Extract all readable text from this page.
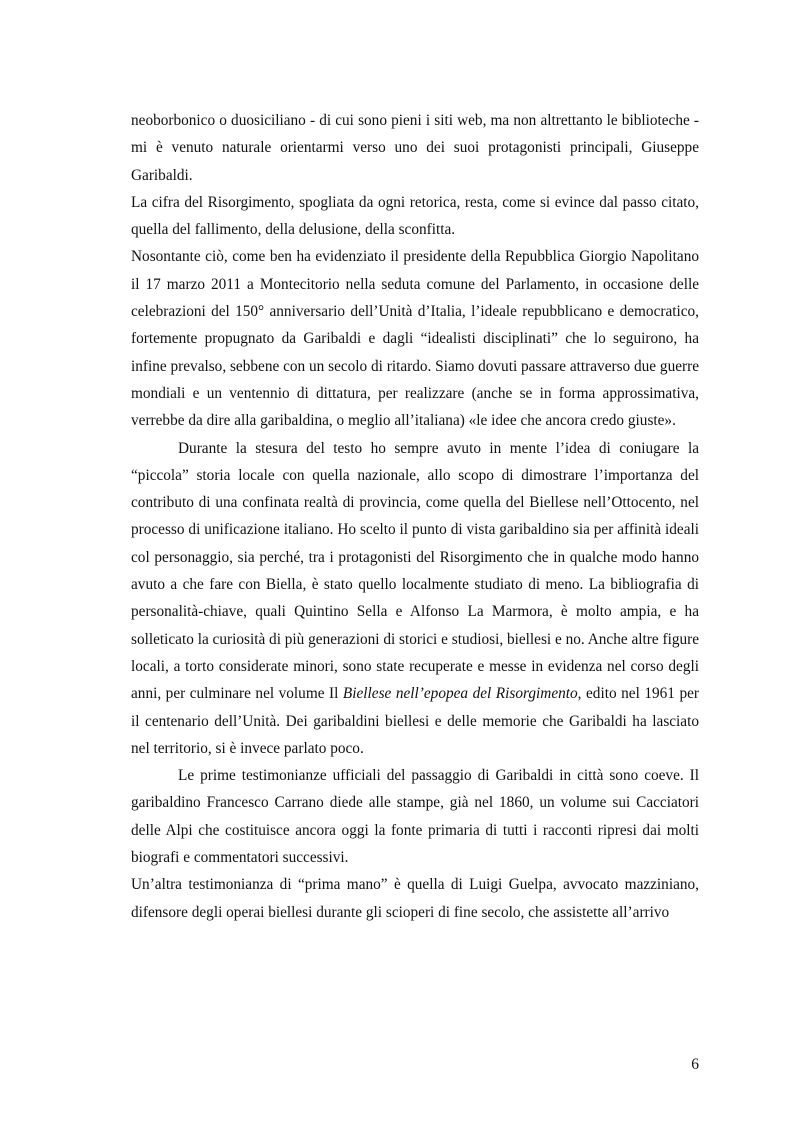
neoborbonico o duosiciliano - di cui sono pieni i siti web, ma non altrettanto le biblioteche - mi è venuto naturale orientarmi verso uno dei suoi protagonisti principali, Giuseppe Garibaldi.

La cifra del Risorgimento, spogliata da ogni retorica, resta, come si evince dal passo citato, quella del fallimento, della delusione, della sconfitta.

Nosontante ciò, come ben ha evidenziato il presidente della Repubblica Giorgio Napolitano il 17 marzo 2011 a Montecitorio nella seduta comune del Parlamento, in occasione delle celebrazioni del 150° anniversario dell’Unità d’Italia, l’ideale repubblicano e democratico, fortemente propugnato da Garibaldi e dagli “idealisti disciplinati” che lo seguirono, ha infine prevalso, sebbene con un secolo di ritardo. Siamo dovuti passare attraverso due guerre mondiali e un ventennio di dittatura, per realizzare (anche se in forma approssimativa, verrebbe da dire alla garibaldina, o meglio all’italiana) «le idee che ancora credo giuste».

Durante la stesura del testo ho sempre avuto in mente l’idea di coniugare la “piccola” storia locale con quella nazionale, allo scopo di dimostrare l’importanza del contributo di una confinata realtà di provincia, come quella del Biellese nell’Ottocento, nel processo di unificazione italiano. Ho scelto il punto di vista garibaldino sia per affinità ideali col personaggio, sia perché, tra i protagonisti del Risorgimento che in qualche modo hanno avuto a che fare con Biella, è stato quello localmente studiato di meno. La bibliografia di personalità-chiave, quali Quintino Sella e Alfonso La Marmora, è molto ampia, e ha solleticato la curiosità di più generazioni di storici e studiosi, biellesi e no. Anche altre figure locali, a torto considerate minori, sono state recuperate e messe in evidenza nel corso degli anni, per culminare nel volume Il Biellese nell’epopea del Risorgimento, edito nel 1961 per il centenario dell’Unità. Dei garibaldini biellesi e delle memorie che Garibaldi ha lasciato nel territorio, si è invece parlato poco.

Le prime testimonianze ufficiali del passaggio di Garibaldi in città sono coeve. Il garibaldino Francesco Carrano diede alle stampe, già nel 1860, un volume sui Cacciatori delle Alpi che costituisce ancora oggi la fonte primaria di tutti i racconti ripresi dai molti biografi e commentatori successivi.

Un’altra testimonianza di “prima mano” è quella di Luigi Guelpa, avvocato mazziniano, difensore degli operai biellesi durante gli scioperi di fine secolo, che assistette all’arrivo

6
